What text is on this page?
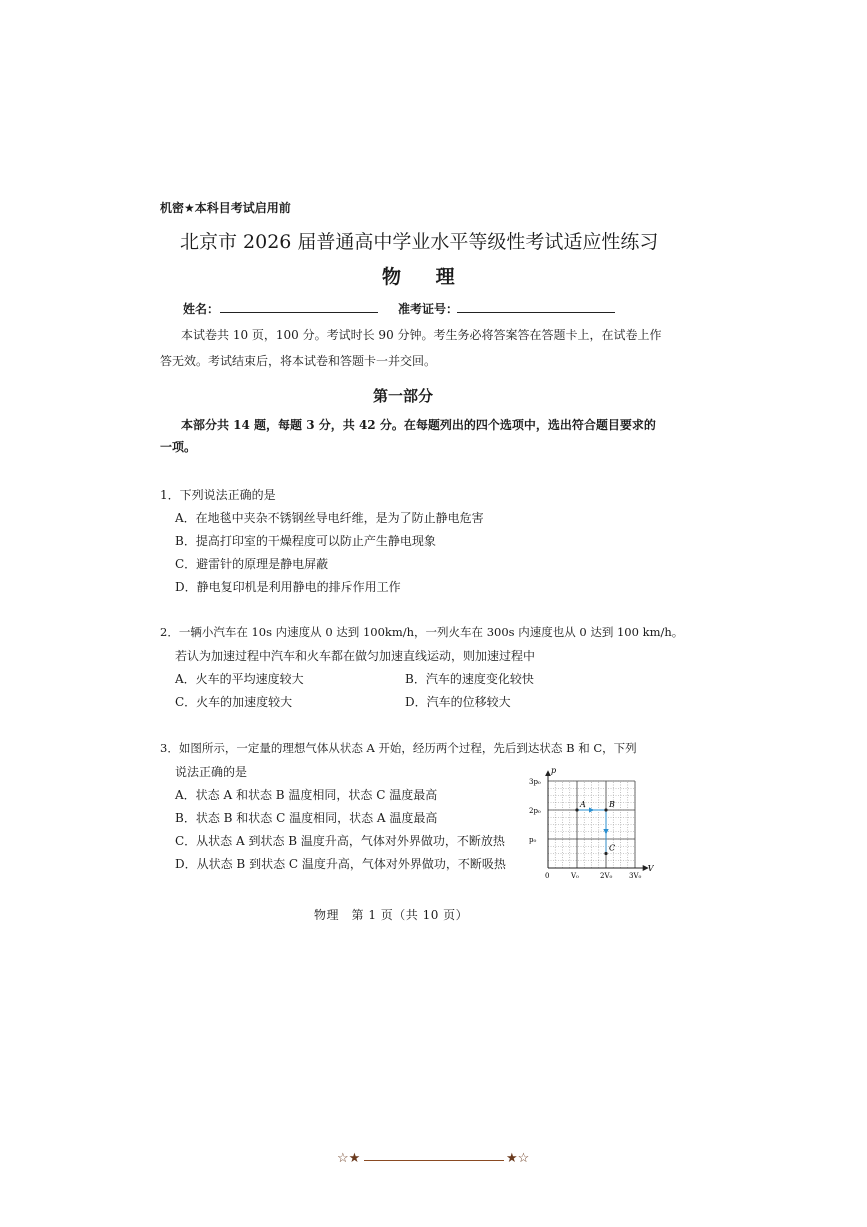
机密★本科目考试启用前
北京市 2026 届普通高中学业水平等级性考试适应性练习
物 理
姓名：	准考证号：
本试卷共 10 页，100 分。考试时长 90 分钟。考生务必将答案答在答题卡上，在试卷上作
答无效。考试结束后，将本试卷和答题卡一并交回。
第一部分
本部分共 14 题，每题 3 分，共 42 分。在每题列出的四个选项中，选出符合题目要求的
一项。
1．下列说法正确的是
A．在地毯中夹杂不锈钢丝导电纤维，是为了防止静电危害
B．提高打印室的干燥程度可以防止产生静电现象
C．避雷针的原理是静电屏蔽
D．静电复印机是利用静电的排斥作用工作
2．一辆小汽车在 10s 内速度从 0 达到 100km/h，一列火车在 300s 内速度也从 0 达到 100 km/h。
若认为加速过程中汽车和火车都在做匀加速直线运动，则加速过程中
A．火车的平均速度较大	B．汽车的速度变化较快
C．火车的加速度较大	D．汽车的位移较大
3．如图所示，一定量的理想气体从状态 A 开始，经历两个过程，先后到达状态 B 和 C，下列
说法正确的是
A．状态 A 和状态 B 温度相同，状态 C 温度最高
B．状态 B 和状态 C 温度相同，状态 A 温度最高
C．从状态 A 到状态 B 温度升高，气体对外界做功，不断放热
D．从状态 B 到状态 C 温度升高，气体对外界做功，不断吸热	V
p
0	V₀	2V₀ 3V₀
p₀
2p₀
3p₀
A	B
C
物理　第 1 页（共 10 页）
☆★	★☆
